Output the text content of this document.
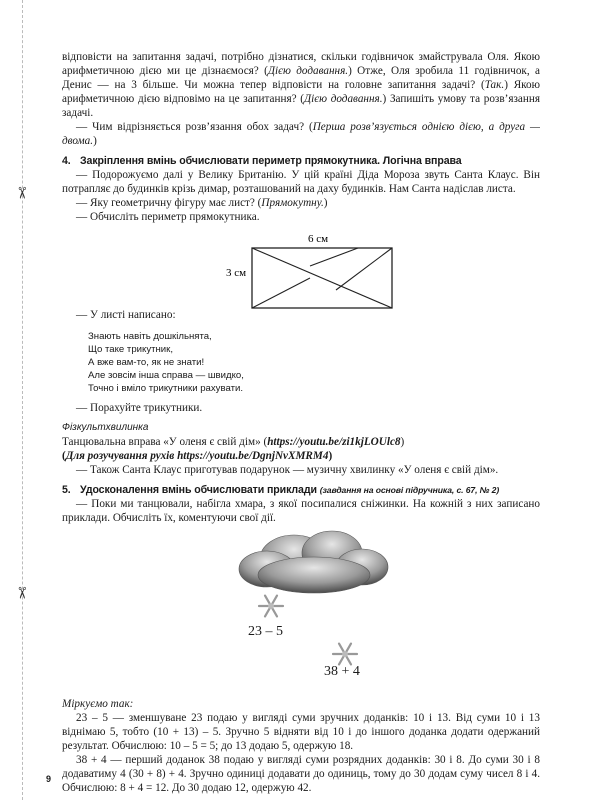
✂
✂

відповісти на запитання задачі, потрібно дізнатися, скільки годівничок змайструвала Оля. Якою арифметичною дією ми це дізнаємося? (Дією додавання.) Отже, Оля зробила 11 годівничок, а Денис — на 3 більше. Чи можна тепер відповісти на головне запитання задачі? (Так.) Якою арифметичною дією відповімо на це запитання? (Дією додавання.) Запишіть умову та розв’язання задачі.

— Чим відрізняється розв’язання обох задач? (Перша розв’язується однією дією, а друга — двома.)

4. Закріплення вмінь обчислювати периметр прямокутника. Логічна вправа

— Подорожуємо далі у Велику Британію. У цій країні Діда Мороза звуть Санта Клаус. Він потрапляє до будинків крізь димар, розташований на даху будинків. Нам Санта надіслав листа.

— Яку геометричну фігуру має лист? (Прямокутну.)

— Обчисліть периметр прямокутника.

6 см
3 см

— У листі написано:

Знають навіть дошкільнята,
Що таке трикутник,
А вже вам-то, як не знати!
Але зовсім інша справа — швидко,
Точно і вміло трикутники рахувати.

— Порахуйте трикутники.

Фізкультхвилинка

Танцювальна вправа «У оленя є свій дім» (https://youtu.be/zi1kjLOUlc8)

(Для розучування рухів https://youtu.be/DgnjNvXMRM4)

— Також Санта Клаус приготував подарунок — музичну хвилинку «У оленя є свій дім».

5. Удосконалення вмінь обчислювати приклади (завдання на основі підручника, с. 67, № 2)

— Поки ми танцювали, набігла хмара, з якої посипалися сніжинки. На кожній з них записано приклади. Обчисліть їх, коментуючи свої дії.

23 – 5
38 + 4
Міркуємо так:

23 – 5 — зменшуване 23 подаю у вигляді суми зручних доданків: 10 і 13. Від суми 10 і 13 віднімаю 5, тобто (10 + 13) – 5. Зручно 5 відняти від 10 і до іншого доданка додати одержаний результат. Обчислюю: 10 – 5 = 5; до 13 додаю 5, одержую 18.

38 + 4 — перший доданок 38 подаю у вигляді суми розрядних доданків: 30 і 8. До суми 30 і 8 додаватиму 4 (30 + 8) + 4. Зручно одиниці додавати до одиниць, тому до 30 додам суму чисел 8 і 4. Обчислюю: 8 + 4 = 12. До 30 додаю 12, одержую 42.

9
